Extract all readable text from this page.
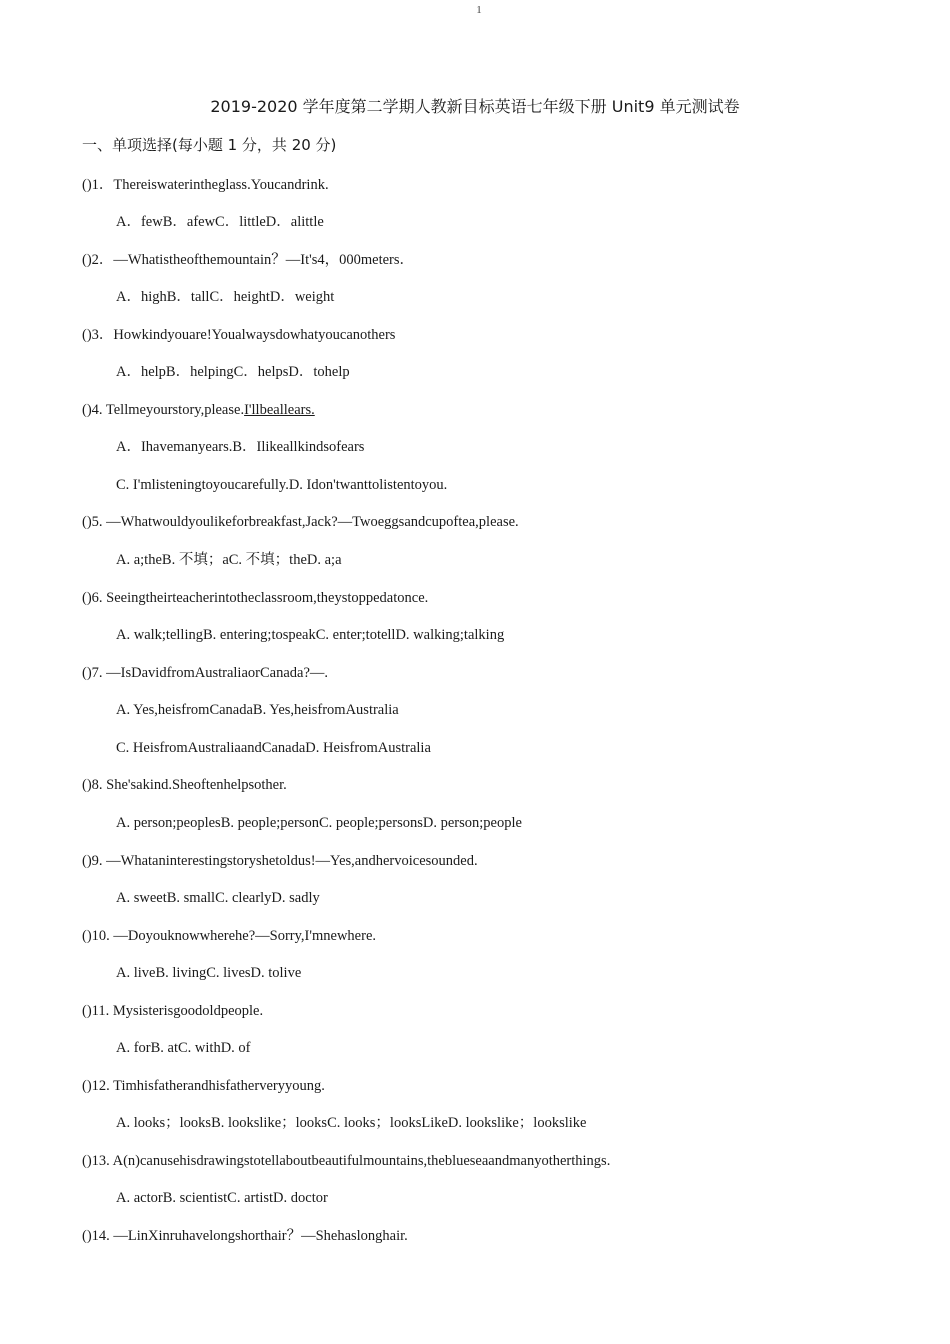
1
2019-2020 学年度第二学期人教新目标英语七年级下册 Unit9 单元测试卷
一、单项选择(每小题 1 分，共 20 分)
()1．Thereiswaterintheglass.Youcandrink.
A．fewB．afewC．littleD．alittle
()2．—Whatistheofthemountain？—It's4，000meters．
A．highB．tallC．heightD．weight
()3．Howkindyouare!Youalwaysdowhatyoucanothers
A．helpB．helpingC．helpsD．tohelp
()4. Tellmeyourstory,please.I'llbeallears.
A．Ihavemanyears.B．Ilikeallkindsofears
C. I'mlisteningtoyoucarefully.D. Idon'twanttolistentoyou.
()5. —Whatwouldyoulikeforbreakfast,Jack?—Twoeggsandcupoftea,please.
A. a;theB. 不填；aC. 不填；theD. a;a
()6. Seeingtheirteacherintotheclassroom,theystoppedatonce.
A. walk;tellingB. entering;tospeakC. enter;totellD. walking;talking
()7. —IsDavidfromAustraliaorCanada?—.
A. Yes,heisfromCanadaB. Yes,heisfromAustralia
C. HeisfromAustraliaandCanadaD. HeisfromAustralia
()8. She'sakind.Sheoftenhelpsother.
A. person;peoplesB. people;personC. people;personsD. person;people
()9. —Whataninterestingstoryshetoldus!—Yes,andhervoicesounded.
A. sweetB. smallC. clearlyD. sadly
()10. —Doyouknowwherehe?—Sorry,I'mnewhere.
A. liveB. livingC. livesD. tolive
()11. Mysisterisgoodoldpeople.
A. forB. atC. withD. of
()12. Timhisfatherandhisfatherveryyoung.
A. looks；looksB. lookslike；looksC. looks；looksLikeD. lookslike；lookslike
()13. A(n)canusehisdrawingstotellaboutbeautifulmountains,theblueseaandmanyotherthings.
A. actorB. scientistC. artistD. doctor
()14. —LinXinruhavelongshorthair？—Shehaslonghair.
